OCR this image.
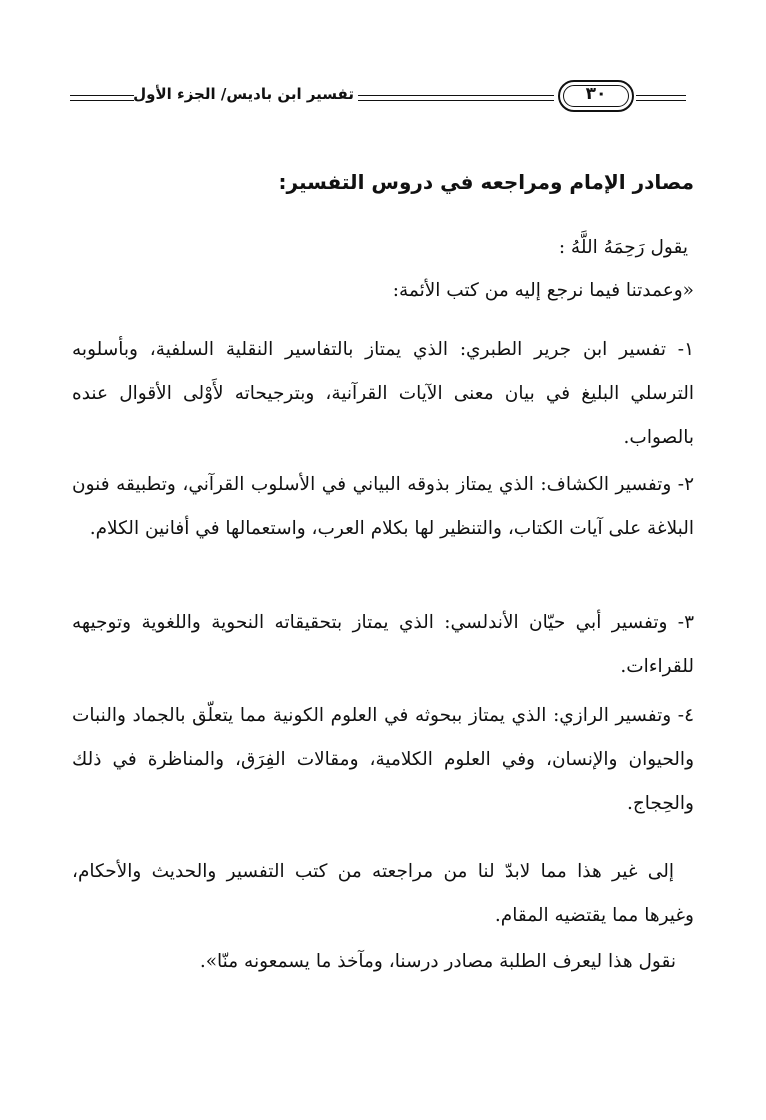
تفسير ابن باديس/ الجزء الأول	٣٠
مصادر الإمام ومراجعه في دروس التفسير:

يقول رَحِمَهُ اللَّهُ :

«وعمدتنا فيما نرجع إليه من كتب الأئمة:

١- تفسير ابن جرير الطبري: الذي يمتاز بالتفاسير النقلية السلفية، وبأسلوبه الترسلي البليغ في بيان معنى الآيات القرآنية، وبترجيحاته لأَوْلى الأقوال عنده بالصواب.

٢- وتفسير الكشاف: الذي يمتاز بذوقه البياني في الأسلوب القرآني، وتطبيقه فنون البلاغة على آيات الكتاب، والتنظير لها بكلام العرب، واستعمالها في أفانين الكلام.

٣- وتفسير أبي حيّان الأندلسي: الذي يمتاز بتحقيقاته النحوية واللغوية وتوجيهه للقراءات.

٤- وتفسير الرازي: الذي يمتاز ببحوثه في العلوم الكونية مما يتعلّق بالجماد والنبات والحيوان والإنسان، وفي العلوم الكلامية، ومقالات الفِرَق، والمناظرة في ذلك والحِجاج.

إلى غير هذا مما لابدّ لنا من مراجعته من كتب التفسير والحديث والأحكام، وغيرها مما يقتضيه المقام.

نقول هذا ليعرف الطلبة مصادر درسنا، ومآخذ ما يسمعونه منّا».
